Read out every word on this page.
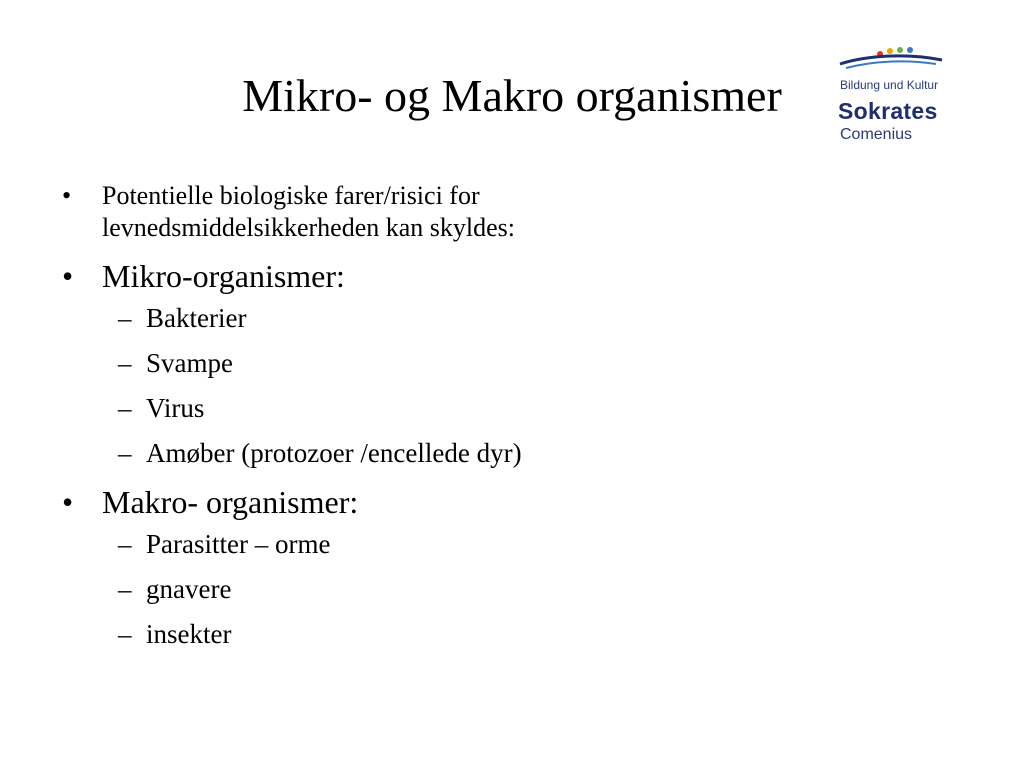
Mikro- og Makro organismer	Bildung und Kultur
Sokrates
Comenius
• Potentielle biologiske farer/risici for
levnedsmiddelsikkerheden kan skyldes:
• Mikro-organismer:
– Bakterier
– Svampe
– Virus
– Amøber (protozoer /encellede dyr)
• Makro- organismer:
– Parasitter – orme
– gnavere
– insekter
